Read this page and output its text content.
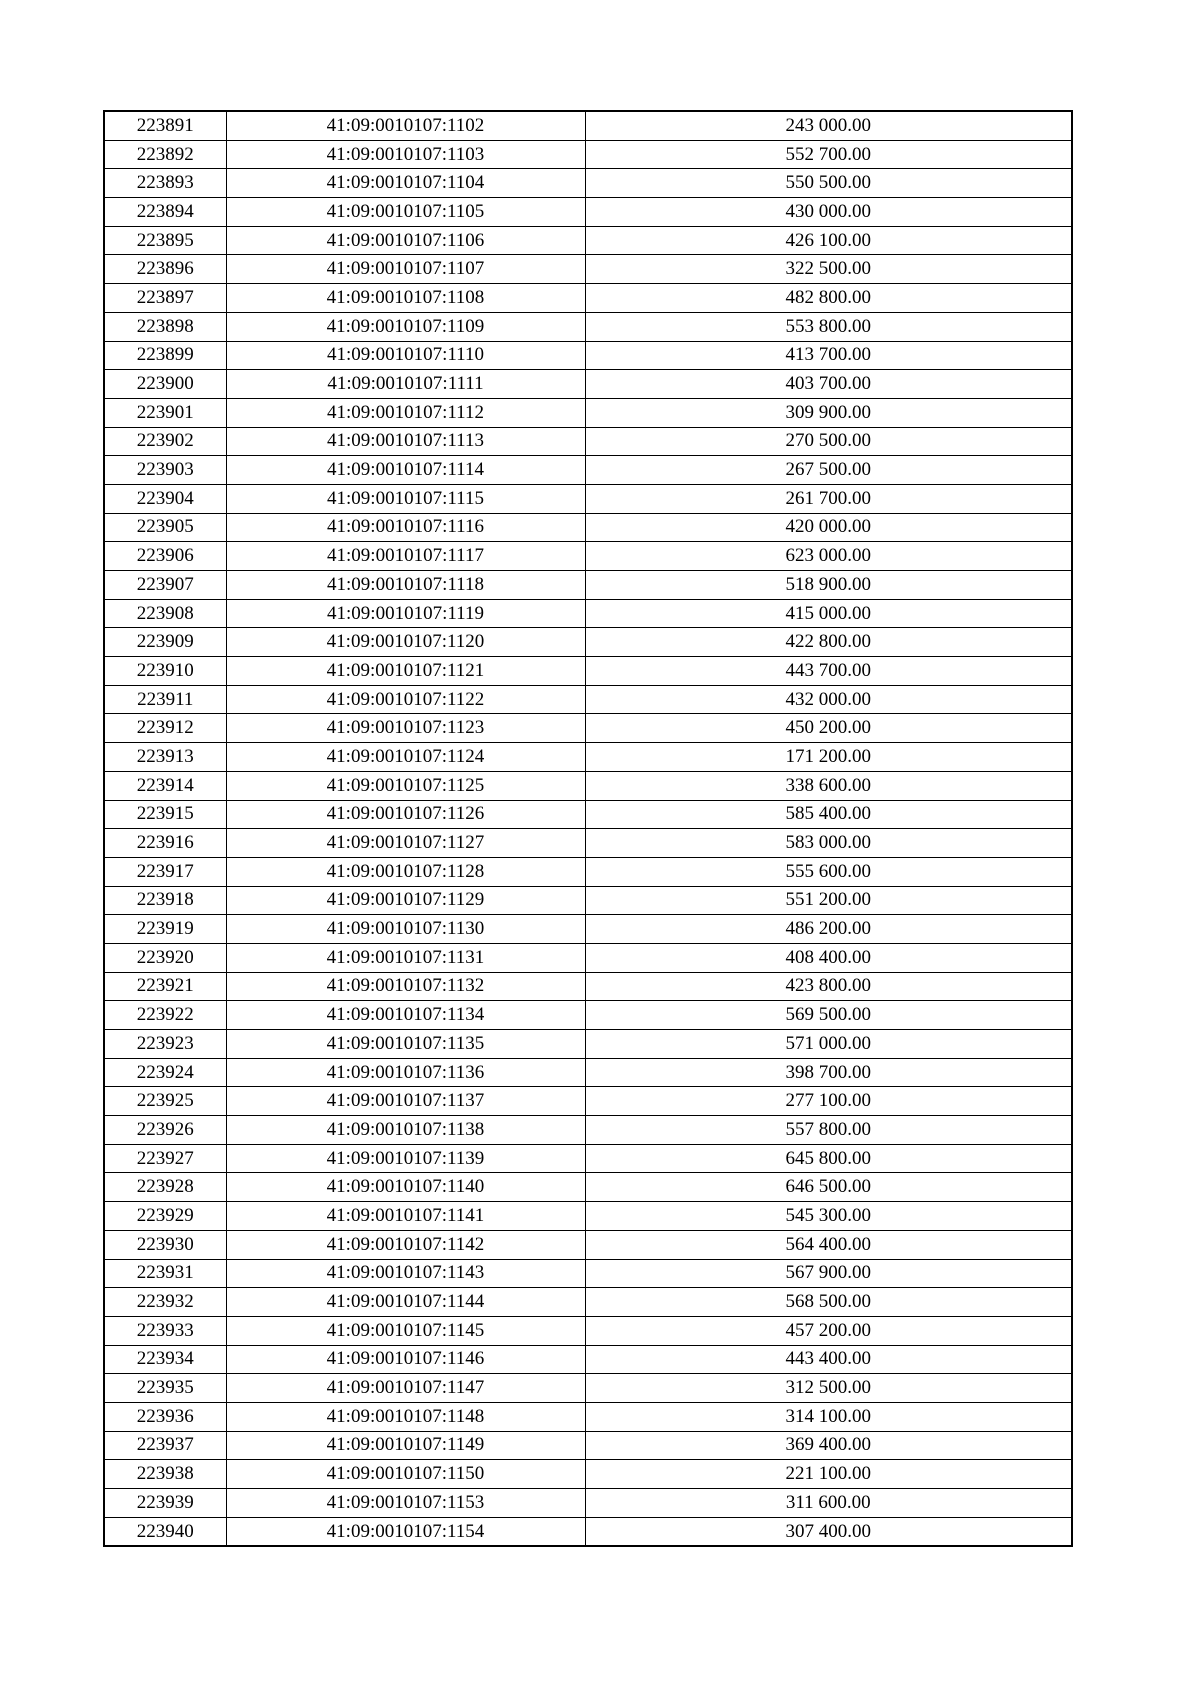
223891	41:09:0010107:1102	243 000.00
223892	41:09:0010107:1103	552 700.00
223893	41:09:0010107:1104	550 500.00
223894	41:09:0010107:1105	430 000.00
223895	41:09:0010107:1106	426 100.00
223896	41:09:0010107:1107	322 500.00
223897	41:09:0010107:1108	482 800.00
223898	41:09:0010107:1109	553 800.00
223899	41:09:0010107:1110	413 700.00
223900	41:09:0010107:1111	403 700.00
223901	41:09:0010107:1112	309 900.00
223902	41:09:0010107:1113	270 500.00
223903	41:09:0010107:1114	267 500.00
223904	41:09:0010107:1115	261 700.00
223905	41:09:0010107:1116	420 000.00
223906	41:09:0010107:1117	623 000.00
223907	41:09:0010107:1118	518 900.00
223908	41:09:0010107:1119	415 000.00
223909	41:09:0010107:1120	422 800.00
223910	41:09:0010107:1121	443 700.00
223911	41:09:0010107:1122	432 000.00
223912	41:09:0010107:1123	450 200.00
223913	41:09:0010107:1124	171 200.00
223914	41:09:0010107:1125	338 600.00
223915	41:09:0010107:1126	585 400.00
223916	41:09:0010107:1127	583 000.00
223917	41:09:0010107:1128	555 600.00
223918	41:09:0010107:1129	551 200.00
223919	41:09:0010107:1130	486 200.00
223920	41:09:0010107:1131	408 400.00
223921	41:09:0010107:1132	423 800.00
223922	41:09:0010107:1134	569 500.00
223923	41:09:0010107:1135	571 000.00
223924	41:09:0010107:1136	398 700.00
223925	41:09:0010107:1137	277 100.00
223926	41:09:0010107:1138	557 800.00
223927	41:09:0010107:1139	645 800.00
223928	41:09:0010107:1140	646 500.00
223929	41:09:0010107:1141	545 300.00
223930	41:09:0010107:1142	564 400.00
223931	41:09:0010107:1143	567 900.00
223932	41:09:0010107:1144	568 500.00
223933	41:09:0010107:1145	457 200.00
223934	41:09:0010107:1146	443 400.00
223935	41:09:0010107:1147	312 500.00
223936	41:09:0010107:1148	314 100.00
223937	41:09:0010107:1149	369 400.00
223938	41:09:0010107:1150	221 100.00
223939	41:09:0010107:1153	311 600.00
223940	41:09:0010107:1154	307 400.00
